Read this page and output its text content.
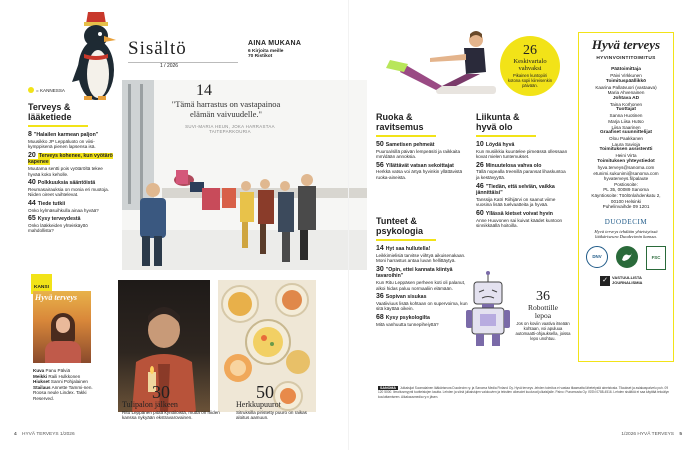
Sisältö
1 / 2026
AINA MUKANA
6 Kirjoita meille
70 Ristikot
= KANNESSA
Terveys &
lääketiede
8 "Halailen karmean paljon"
Muusikko JP Leppäluoto on viisi-kymppisenä pienen lapsensa isä.
20 Terveys kohenee, kun vyötärö kapenee
Muutama sentti pois vyötäröltä tekee hyvää koko keholle.
40 Polkkuuksia sääntöistä
Reumasairauksia on monia eri muotoja. Niiden oireet vaihtelevat.
44 Tiede tutkii
Onko kylmäsuihkulla ainaa hyvää?
65 Kysy terveydestä
Onko lääkkeiden yhteiskäyttö mahdollista?
KANSI
Hyvä terveys
Kuva Panu Pälviä
Meikki Raili Hulkkonen
Hiukset Sanni Pohjalainen
Stailaus Annette Tammi-nen. Roosa neule Lindex. Takki Reserved.
14
"Tämä harrastus on vastapainoa elämän vaivuudelle."
SUVI-MARIA HEUN, JOKA HARRASTAA TAITEPARKOURIA
30
Tulipalon jälkeen
Ritu Leppänen pitää kynttilöistä, mutta on niiden kanssa nykyään ekstravarovainen.
50
Herkkupuurot
Sitruksilla piristetty puuro on raikas aloitus aamuun.
Ruoka &
ravitsemus
50 Sametisen pehmeät
Puuroa/sillä päivän lempeäsiti ja raikkaita mm/dään annoksia.
56 Yllättävät vatsan sekoittajat
Herkkä vatsa voi ärtyä hyvinkin yllättävistä ruoka-aineista.
Tunteet &
psykologia
14 Hyt saa hullutella!
Leikkimielisiä tarvitse viihtyä aikuisenakaan. Moni harrastus antaa luvan hellittäytyä.
30 "Opin, ettei kannata kiintyä tavaroihin"
Kun Ritu Leppäsen perheen koti oli palanut, alkoi hidas paluu normaaliin elämään.
36 Sopivan sisukas
Vaatiiviuus lisää kohtaan on supervoima, kun sitä käyttää oikein.
68 Kysy psykologilta
Mitä vanhuutta tunnepiheiyttä?
26
Keskivartalo
vahvaksi
Pikainen kuntopiiri kotona sopii kiireisenkin päivään.
Liikunta &
hyvä olo
10 Löydä hyvä
Kun musiikkia kuuntelee pimeässä ollessaan kovat mielen tuntemukset.
26 Minuutelosa vahva olo
Tällä nopealla treenillä paransat lihaskuntoa ja kestävyyttä.
46 "Tiedän, että selviän, vaikka jännittäisi"
Tanssija Katri Riihijärvi on saanut viime vuosina lisää tuelvaatteita ja hyvää.
60 Yllässä kietset voivat hyvin
Anne Huuvonen sai kuivat käädet kuntoon sinnikkäällä hoitoilla.
36
Robottille
lepoa
Jos on koviin vaativa itseään kohtaan, voi apuluua automaatti-ohjauksella, joissa lepo unohtuu.
Hyvä terveys
HYVINVOINTITOIMITUS
Päätoimittaja
Päivi Virkkunen
Toimituspäällikkö
Kaarina Pallatvuori (vastaava)
Maria Ahvenainen
Johtava AD
Taina Korhonen
Tuottajat
Sanna Huotinen
Marja Liisa Hutso
Liisa Saarinen
Graafiset suunnittelijat
Olou Paakkanen
Laura Savioja
Toimituksen assistentti
Heini Virta
Toimituksen yhteystiedot
hyva.terveys@sanoma.com
etunimi.sukunimi@sanoma.com
hyvaterveys.fi/palaute
Postiosoite:
PL 35, 00089 Sanoma
Käyntiosoite: Töölönlahdenkatu 2,
00100 Helsinki
Puhelinvaihde 09 1201
DUODECIM
Hyvä terveys tehdään yhteistyössä lääkäriseura Duodecimin kanssa.
DNV	FSC
✓	VASTUULLISTA JOURNALISMIA
SANOMA Julkaisijat Suomalainen lääkäriseura Duodecim ry. ja Sanoma Media Finland Oy. Hyvä terveys -lehden toimitus ei vastaa tilaamatta lähetetystä aineistosta. Tilaukset ja asiakaspalvelu puh. 09 120 5000. Ilmoitusmyynti tuotteistojen kautta. Lehden ja siinä julkaistujen valokuvien ja tekstien oikeudet kuuluvat julkaisijalle. Paino: Punamusta Oy. ISSN 0788-4516. Lehden sisältöä ei saa käyttää tekoälyn kouluttamiseen. Aikakausmedia ry:n jäsen.
4 HYVÄ TERVEYS 1/2026	1/2026 HYVÄ TERVEYS 5
